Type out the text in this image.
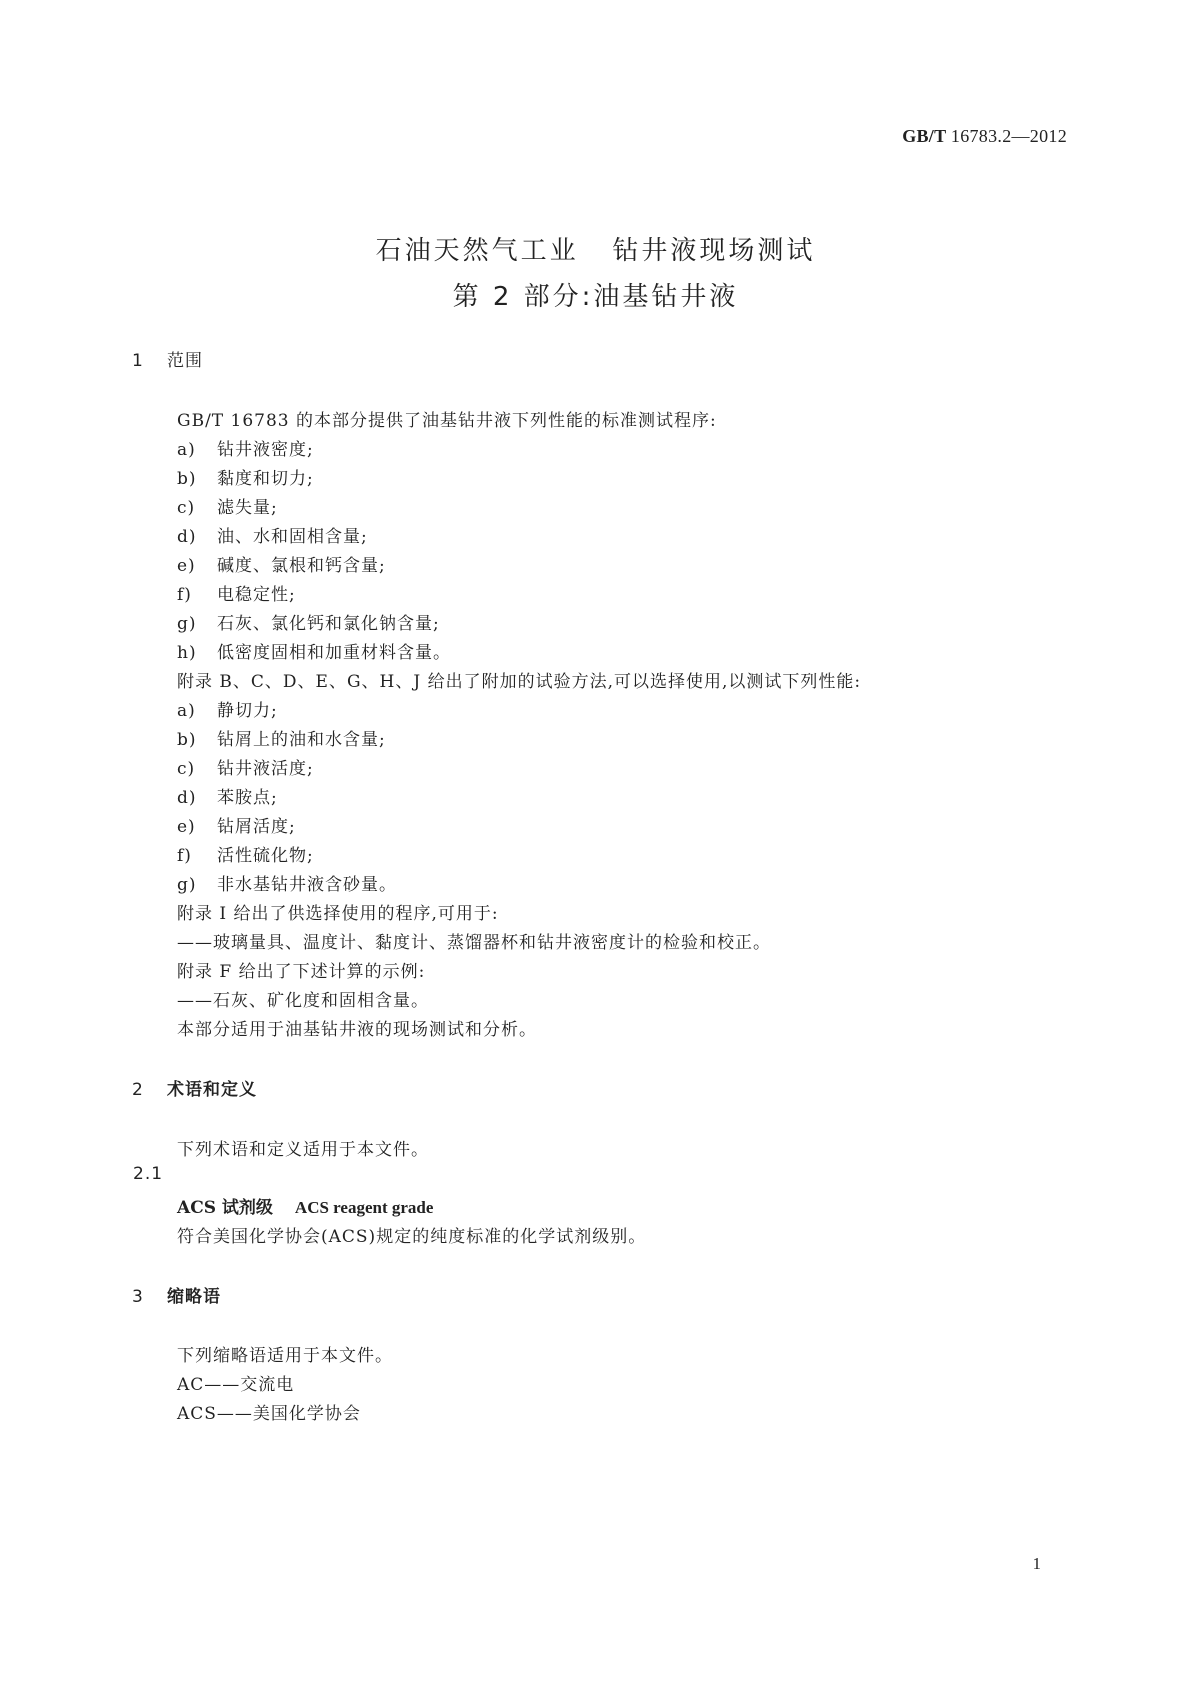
GB/T 16783.2—2012
石油天然气工业   钻井液现场测试
第 2 部分:油基钻井液
1 范围
GB/T 16783 的本部分提供了油基钻井液下列性能的标准测试程序:
a) 钻井液密度;
b) 黏度和切力;
c) 滤失量;
d) 油、水和固相含量;
e) 碱度、氯根和钙含量;
f) 电稳定性;
g) 石灰、氯化钙和氯化钠含量;
h) 低密度固相和加重材料含量。
附录 B、C、D、E、G、H、J 给出了附加的试验方法,可以选择使用,以测试下列性能:
a) 静切力;
b) 钻屑上的油和水含量;
c) 钻井液活度;
d) 苯胺点;
e) 钻屑活度;
f) 活性硫化物;
g) 非水基钻井液含砂量。
附录 I 给出了供选择使用的程序,可用于:
——玻璃量具、温度计、黏度计、蒸馏器杯和钻井液密度计的检验和校正。
附录 F 给出了下述计算的示例:
——石灰、矿化度和固相含量。
本部分适用于油基钻井液的现场测试和分析。
2 术语和定义
下列术语和定义适用于本文件。
2.1
ACS 试剂级 ACS reagent grade
符合美国化学协会(ACS)规定的纯度标准的化学试剂级别。
3 缩略语
下列缩略语适用于本文件。
AC——交流电
ACS——美国化学协会
1
